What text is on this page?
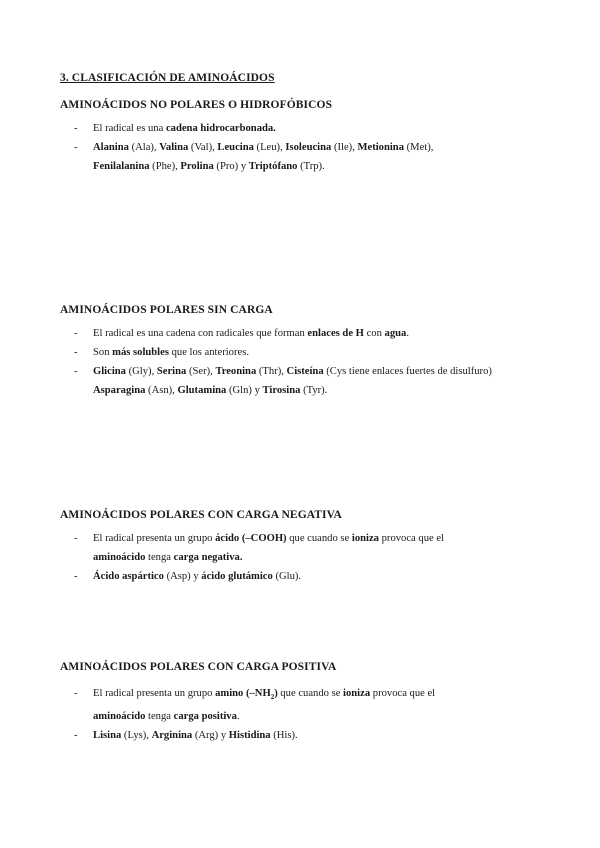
3. CLASIFICACIÓN DE AMINOÁCIDOS
AMINOÁCIDOS NO POLARES O HIDROFÓBICOS
- El radical es una cadena hidrocarbonada.
- Alanina (Ala), Valina (Val), Leucina (Leu), Isoleucina (Ile), Metionina (Met),
Fenilalanina (Phe), Prolina (Pro) y Triptófano (Trp).
AMINOÁCIDOS POLARES SIN CARGA
- El radical es una cadena con radicales que forman enlaces de H con agua.
- Son más solubles que los anteriores.
- Glicina (Gly), Serina (Ser), Treonina (Thr), Cisteína (Cys tiene enlaces fuertes de disulfuro)
Asparagina (Asn), Glutamina (Gln) y Tirosina (Tyr).
AMINOÁCIDOS POLARES CON CARGA NEGATIVA
- El radical presenta un grupo ácido (–COOH) que cuando se ioniza provoca que el
aminoácido tenga carga negativa.
- Ácido aspártico (Asp) y ácido glutámico (Glu).
AMINOÁCIDOS POLARES CON CARGA POSITIVA
- El radical presenta un grupo amino $(-NH_2)$ que cuando se ioniza provoca que el
aminoácido tenga carga positiva.
- Lisina (Lys), Arginina (Arg) y Histidina (His).
